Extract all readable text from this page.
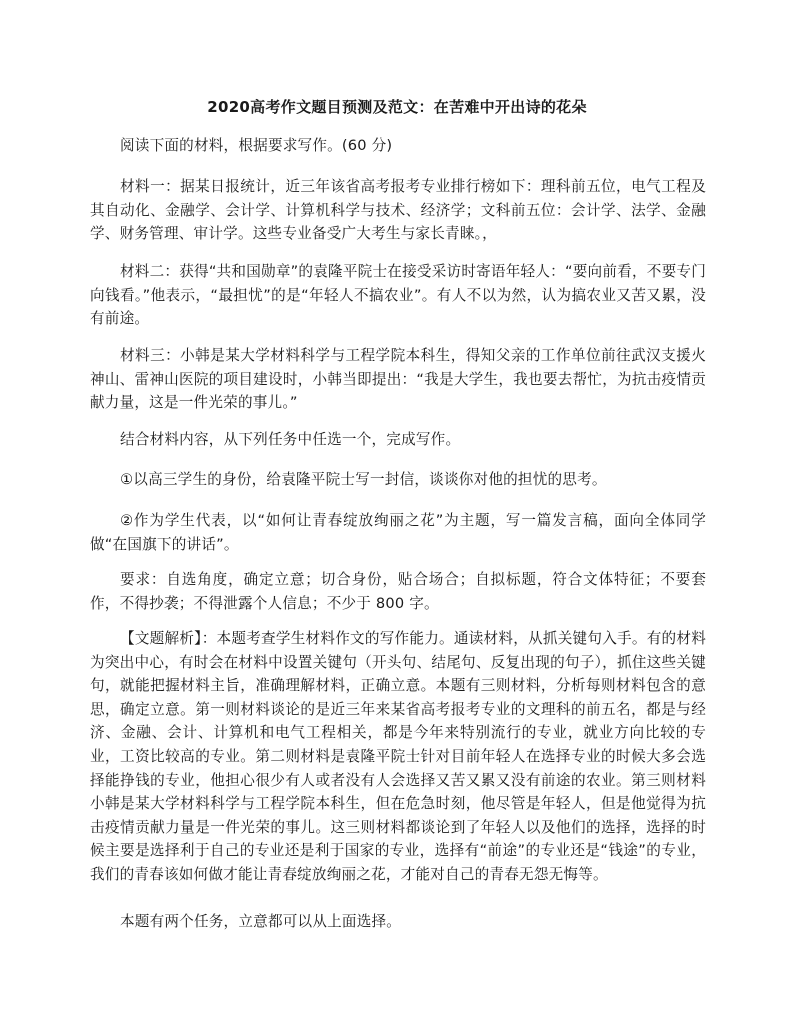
2020高考作文题目预测及范文：在苦难中开出诗的花朵

阅读下面的材料，根据要求写作。(60 分)

材料一：据某日报统计，近三年该省高考报考专业排行榜如下：理科前五位，电气工程及其自动化、金融学、会计学、计算机科学与技术、经济学；文科前五位：会计学、法学、金融学、财务管理、审计学。这些专业备受广大考生与家长青睐。，

材料二：获得“共和国勋章”的袁隆平院士在接受采访时寄语年轻人：“要向前看，不要专门向钱看。”他表示，“最担忧”的是“年轻人不搞农业”。有人不以为然，认为搞农业又苦又累，没有前途。

材料三：小韩是某大学材料科学与工程学院本科生，得知父亲的工作单位前往武汉支援火神山、雷神山医院的项目建设时，小韩当即提出：“我是大学生，我也要去帮忙，为抗击疫情贡献力量，这是一件光荣的事儿。”

结合材料内容，从下列任务中任选一个，完成写作。

①以高三学生的身份，给袁隆平院士写一封信，谈谈你对他的担忧的思考。

②作为学生代表，以“如何让青春绽放绚丽之花”为主题，写一篇发言稿，面向全体同学做“在国旗下的讲话”。

要求：自选角度，确定立意；切合身份，贴合场合；自拟标题，符合文体特征；不要套作，不得抄袭；不得泄露个人信息；不少于 800 字。

【文题解析】：本题考查学生材料作文的写作能力。通读材料，从抓关键句入手。有的材料为突出中心，有时会在材料中设置关键句（开头句、结尾句、反复出现的句子），抓住这些关键句，就能把握材料主旨，准确理解材料，正确立意。本题有三则材料，分析每则材料包含的意思，确定立意。第一则材料谈论的是近三年来某省高考报考专业的文理科的前五名，都是与经济、金融、会计、计算机和电气工程相关，都是今年来特别流行的专业，就业方向比较的专业，工资比较高的专业。第二则材料是袁隆平院士针对目前年轻人在选择专业的时候大多会选择能挣钱的专业，他担心很少有人或者没有人会选择又苦又累又没有前途的农业。第三则材料小韩是某大学材料科学与工程学院本科生，但在危急时刻，他尽管是年轻人，但是他觉得为抗击疫情贡献力量是一件光荣的事儿。这三则材料都谈论到了年轻人以及他们的选择，选择的时候主要是选择利于自己的专业还是利于国家的专业，选择有“前途”的专业还是“钱途”的专业，我们的青春该如何做才能让青春绽放绚丽之花，才能对自己的青春无怨无悔等。

本题有两个任务，立意都可以从上面选择。
